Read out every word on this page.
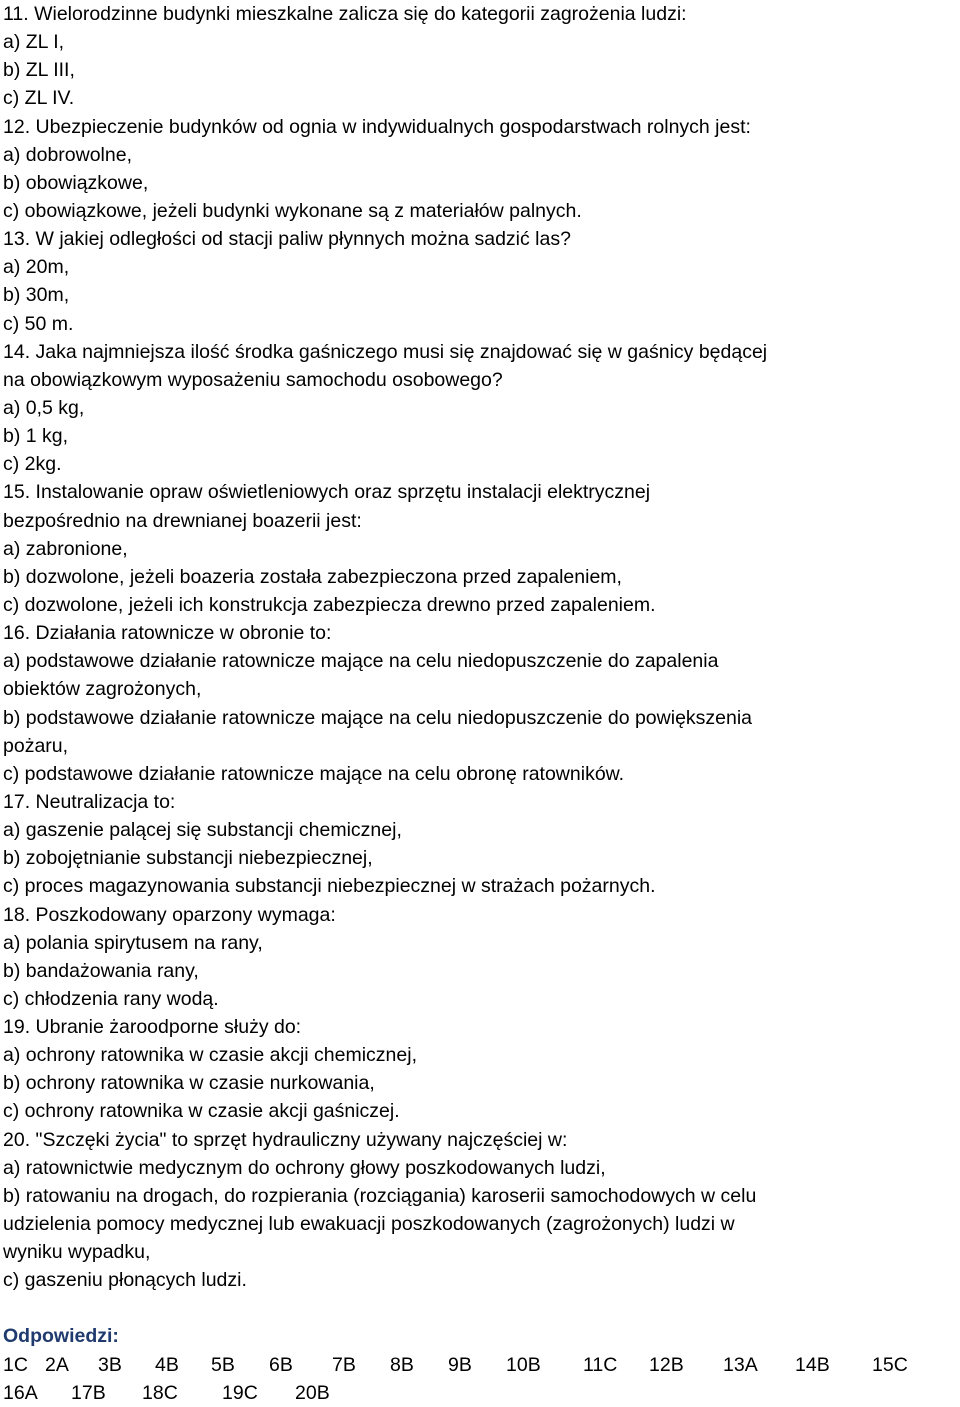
11. Wielorodzinne budynki mieszkalne zalicza się do kategorii zagrożenia ludzi:
a) ZL I,
b) ZL III,
c) ZL IV.
12. Ubezpieczenie budynków od ognia w indywidualnych gospodarstwach rolnych jest:
a) dobrowolne,
b) obowiązkowe,
c) obowiązkowe, jeżeli budynki wykonane są z materiałów palnych.
13. W jakiej odległości od stacji paliw płynnych można sadzić las?
a) 20m,
b) 30m,
c) 50 m.
14. Jaka najmniejsza ilość środka gaśniczego musi się znajdować się w gaśnicy będącej
na obowiązkowym wyposażeniu samochodu osobowego?
a) 0,5 kg,
b) 1 kg,
c) 2kg.
15. Instalowanie opraw oświetleniowych oraz sprzętu instalacji elektrycznej
bezpośrednio na drewnianej boazerii jest:
a) zabronione,
b) dozwolone, jeżeli boazeria została zabezpieczona przed zapaleniem,
c) dozwolone, jeżeli ich konstrukcja zabezpiecza drewno przed zapaleniem.
16. Działania ratownicze w obronie to:
a) podstawowe działanie ratownicze mające na celu niedopuszczenie do zapalenia
obiektów zagrożonych,
b) podstawowe działanie ratownicze mające na celu niedopuszczenie do powiększenia
pożaru,
c) podstawowe działanie ratownicze mające na celu obronę ratowników.
17. Neutralizacja to:
a) gaszenie palącej się substancji chemicznej,
b) zobojętnianie substancji niebezpiecznej,
c) proces magazynowania substancji niebezpiecznej w strażach pożarnych.
18. Poszkodowany oparzony wymaga:
a) polania spirytusem na rany,
b) bandażowania rany,
c) chłodzenia rany wodą.
19. Ubranie żaroodporne służy do:
a) ochrony ratownika w czasie akcji chemicznej,
b) ochrony ratownika w czasie nurkowania,
c) ochrony ratownika w czasie akcji gaśniczej.
20. "Szczęki życia" to sprzęt hydrauliczny używany najczęściej w:
a) ratownictwie medycznym do ochrony głowy poszkodowanych ludzi,
b) ratowaniu na drogach, do rozpierania (rozciągania) karoserii samochodowych w celu
udzielenia pomocy medycznej lub ewakuacji poszkodowanych (zagrożonych) ludzi w
wyniku wypadku,
c) gaszeniu płonących ludzi.
Odpowiedzi:
1C 2A 3B 4B 5B 6B 7B 8B 9B 10B 11C 12B 13A 14B 15C
16A 17B 18C 19C 20B
